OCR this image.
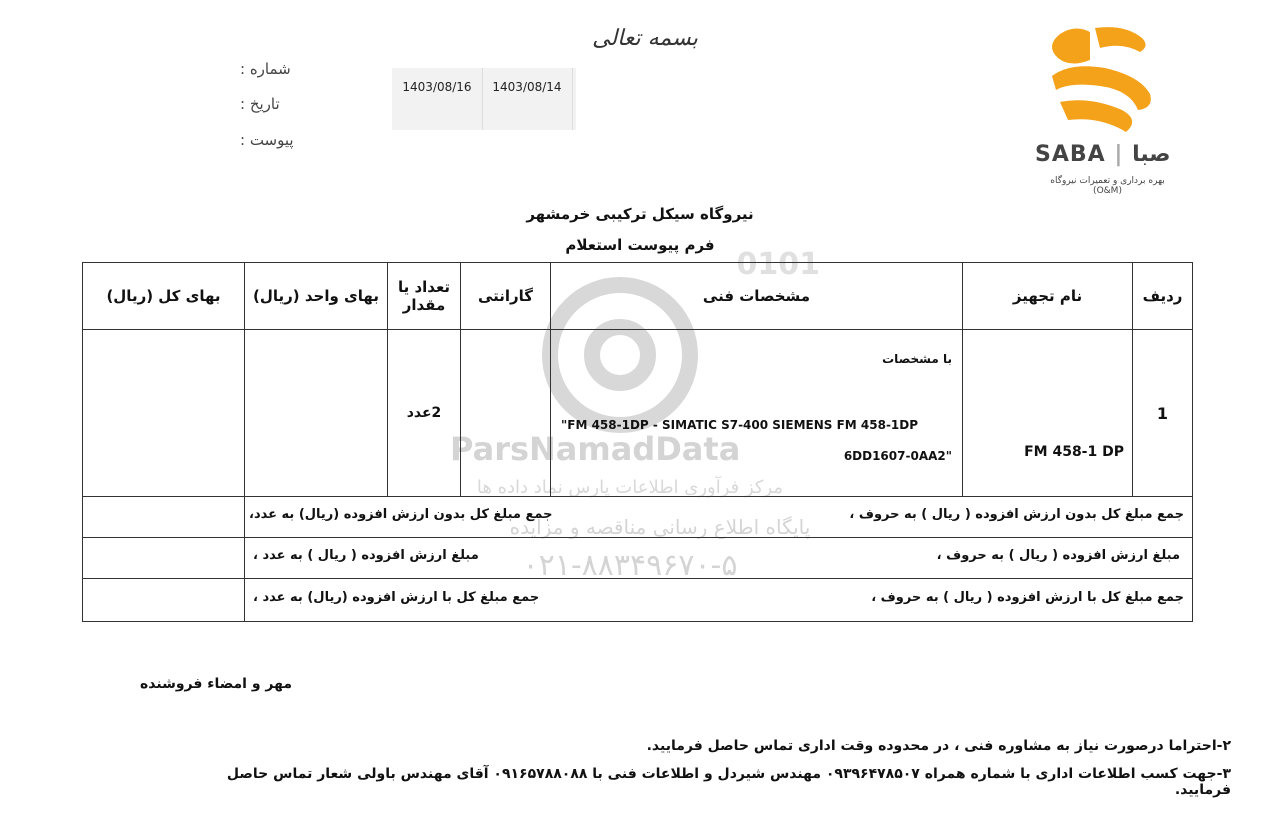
بسمه تعالی
شماره :
تاریخ :
پیوست :
1403/08/16	1403/08/14
SABA | صبا
بهره برداری و تعمیرات نیروگاه (O&M)
نیروگاه سیکل ترکیبی خرمشهر
فرم پیوست استعلام
0101
ParsNamadData
مرکز فرآوری اطلاعات پارس نماد داده ها
پایگاه اطلاع رسانی مناقصه و مزایده
۰۲۱-۸۸۳۴۹۶۷۰-۵
ردیف	نام تجهیز	مشخصات فنی	گارانتی	تعداد یا مقدار	بهای واحد (ریال)	بهای کل (ریال)
1	FM 458-1 DP	با مشخصات
"FM 458-1DP - SIMATIC S7-400 SIEMENS FM 458-1DP
6DD1607-0AA2"		2عدد		

جمع مبلغ کل بدون ارزش افزوده ( ریال ) به حروف ،
جمع مبلغ کل بدون ارزش افزوده (ریال) به عدد،						

مبلغ ارزش افزوده ( ریال ) به حروف ،
مبلغ ارزش افزوده ( ریال ) به عدد ،						

جمع مبلغ کل با ارزش افزوده ( ریال ) به حروف ،
جمع مبلغ کل با ارزش افزوده (ریال) به عدد ،						

مهر و امضاء فروشنده
۲-احتراما درصورت نیاز به مشاوره فنی ، در محدوده وقت اداری تماس حاصل فرمایید.
۳-جهت کسب اطلاعات اداری با شماره همراه ۰۹۳۹۶۴۷۸۵۰۷ مهندس شیردل و اطلاعات فنی با ۰۹۱۶۵۷۸۸۰۸۸ آقای مهندس باولی شعار تماس حاصل فرمایید.
